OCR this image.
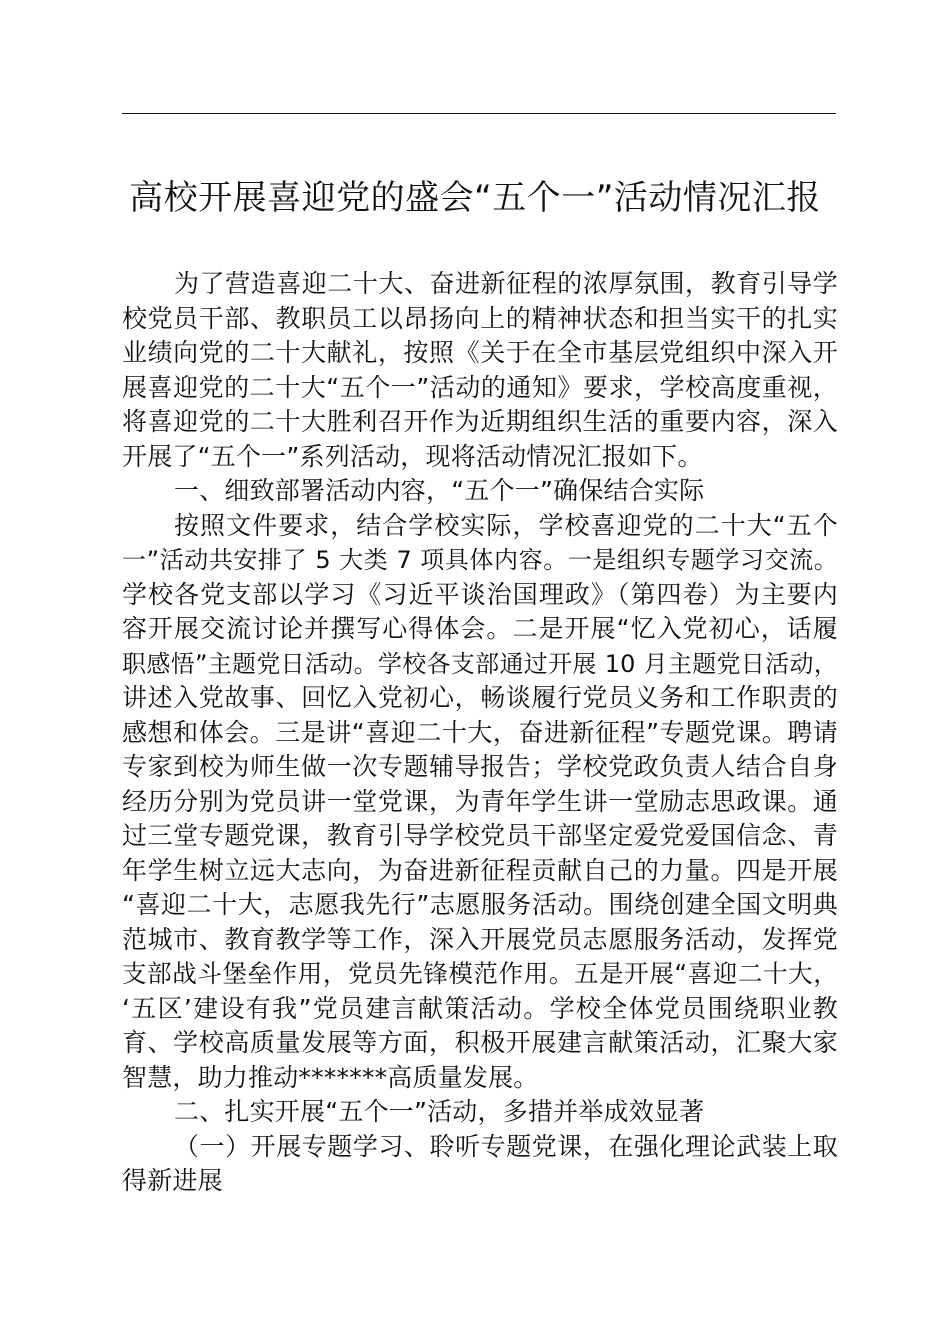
高校开展喜迎党的盛会“五个一”活动情况汇报
为了营造喜迎二十大、奋进新征程的浓厚氛围，教育引导学
校党员干部、教职员工以昂扬向上的精神状态和担当实干的扎实
业绩向党的二十大献礼，按照《关于在全市基层党组织中深入开
展喜迎党的二十大“五个一”活动的通知》要求，学校高度重视，
将喜迎党的二十大胜利召开作为近期组织生活的重要内容，深入
开展了“五个一”系列活动，现将活动情况汇报如下。
一、细致部署活动内容，“五个一”确保结合实际
按照文件要求，结合学校实际，学校喜迎党的二十大“五个
一”活动共安排了 5 大类 7 项具体内容。一是组织专题学习交流。
学校各党支部以学习《习近平谈治国理政》（第四卷）为主要内
容开展交流讨论并撰写心得体会。二是开展“忆入党初心，话履
职感悟”主题党日活动。学校各支部通过开展 10 月主题党日活动，
讲述入党故事、回忆入党初心，畅谈履行党员义务和工作职责的
感想和体会。三是讲“喜迎二十大，奋进新征程”专题党课。聘请
专家到校为师生做一次专题辅导报告；学校党政负责人结合自身
经历分别为党员讲一堂党课，为青年学生讲一堂励志思政课。通
过三堂专题党课，教育引导学校党员干部坚定爱党爱国信念、青
年学生树立远大志向，为奋进新征程贡献自己的力量。四是开展
“喜迎二十大，志愿我先行”志愿服务活动。围绕创建全国文明典
范城市、教育教学等工作，深入开展党员志愿服务活动，发挥党
支部战斗堡垒作用，党员先锋模范作用。五是开展“喜迎二十大，
‘五区’建设有我”党员建言献策活动。学校全体党员围绕职业教
育、学校高质量发展等方面，积极开展建言献策活动，汇聚大家
智慧，助力推动*******高质量发展。
二、扎实开展“五个一”活动，多措并举成效显著
（一）开展专题学习、聆听专题党课，在强化理论武装上取
得新进展
